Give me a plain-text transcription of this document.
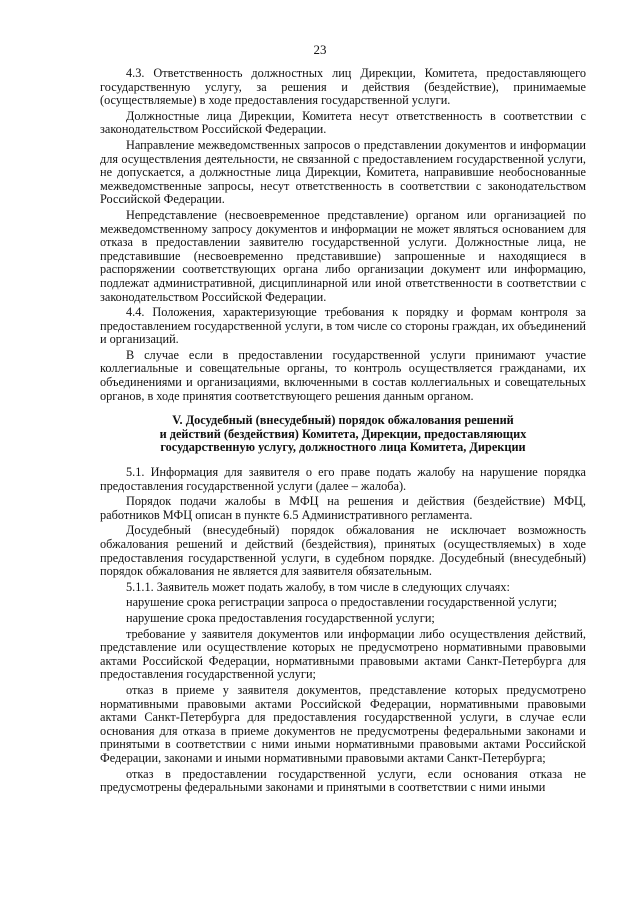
23

4.3. Ответственность должностных лиц Дирекции, Комитета, предоставляющего государственную услугу, за решения и действия (бездействие), принимаемые (осуществляемые) в ходе предоставления государственной услуги.

Должностные лица Дирекции, Комитета несут ответственность в соответствии с законодательством Российской Федерации.

Направление межведомственных запросов о представлении документов и информации для осуществления деятельности, не связанной с предоставлением государственной услуги, не допускается, а должностные лица Дирекции, Комитета, направившие необоснованные межведомственные запросы, несут ответственность в соответствии с законодательством Российской Федерации.

Непредставление (несвоевременное представление) органом или организацией по межведомственному запросу документов и информации не может являться основанием для отказа в предоставлении заявителю государственной услуги. Должностные лица, не представившие (несвоевременно представившие) запрошенные и находящиеся в распоряжении соответствующих органа либо организации документ или информацию, подлежат административной, дисциплинарной или иной ответственности в соответствии с законодательством Российской Федерации.

4.4. Положения, характеризующие требования к порядку и формам контроля за предоставлением государственной услуги, в том числе со стороны граждан, их объединений и организаций.

В случае если в предоставлении государственной услуги принимают участие коллегиальные и совещательные органы, то контроль осуществляется гражданами, их объединениями и организациями, включенными в состав коллегиальных и совещательных органов, в ходе принятия соответствующего решения данным органом.

V. Досудебный (внесудебный) порядок обжалования решений
и действий (бездействия) Комитета, Дирекции, предоставляющих
государственную услугу, должностного лица Комитета, Дирекции

5.1. Информация для заявителя о его праве подать жалобу на нарушение порядка предоставления государственной услуги (далее – жалоба).

Порядок подачи жалобы в МФЦ на решения и действия (бездействие) МФЦ, работников МФЦ описан в пункте 6.5 Административного регламента.

Досудебный (внесудебный) порядок обжалования не исключает возможность обжалования решений и действий (бездействия), принятых (осуществляемых) в ходе предоставления государственной услуги, в судебном порядке. Досудебный (внесудебный) порядок обжалования не является для заявителя обязательным.

5.1.1. Заявитель может подать жалобу, в том числе в следующих случаях:

нарушение срока регистрации запроса о предоставлении государственной услуги;

нарушение срока предоставления государственной услуги;

требование у заявителя документов или информации либо осуществления действий, представление или осуществление которых не предусмотрено нормативными правовыми актами Российской Федерации, нормативными правовыми актами Санкт-Петербурга для предоставления государственной услуги;

отказ в приеме у заявителя документов, представление которых предусмотрено нормативными правовыми актами Российской Федерации, нормативными правовыми актами Санкт-Петербурга для предоставления государственной услуги, в случае если основания для отказа в приеме документов не предусмотрены федеральными законами и принятыми в соответствии с ними иными нормативными правовыми актами Российской Федерации, законами и иными нормативными правовыми актами Санкт-Петербурга;

отказ в предоставлении государственной услуги, если основания отказа не предусмотрены федеральными законами и принятыми в соответствии с ними иными
